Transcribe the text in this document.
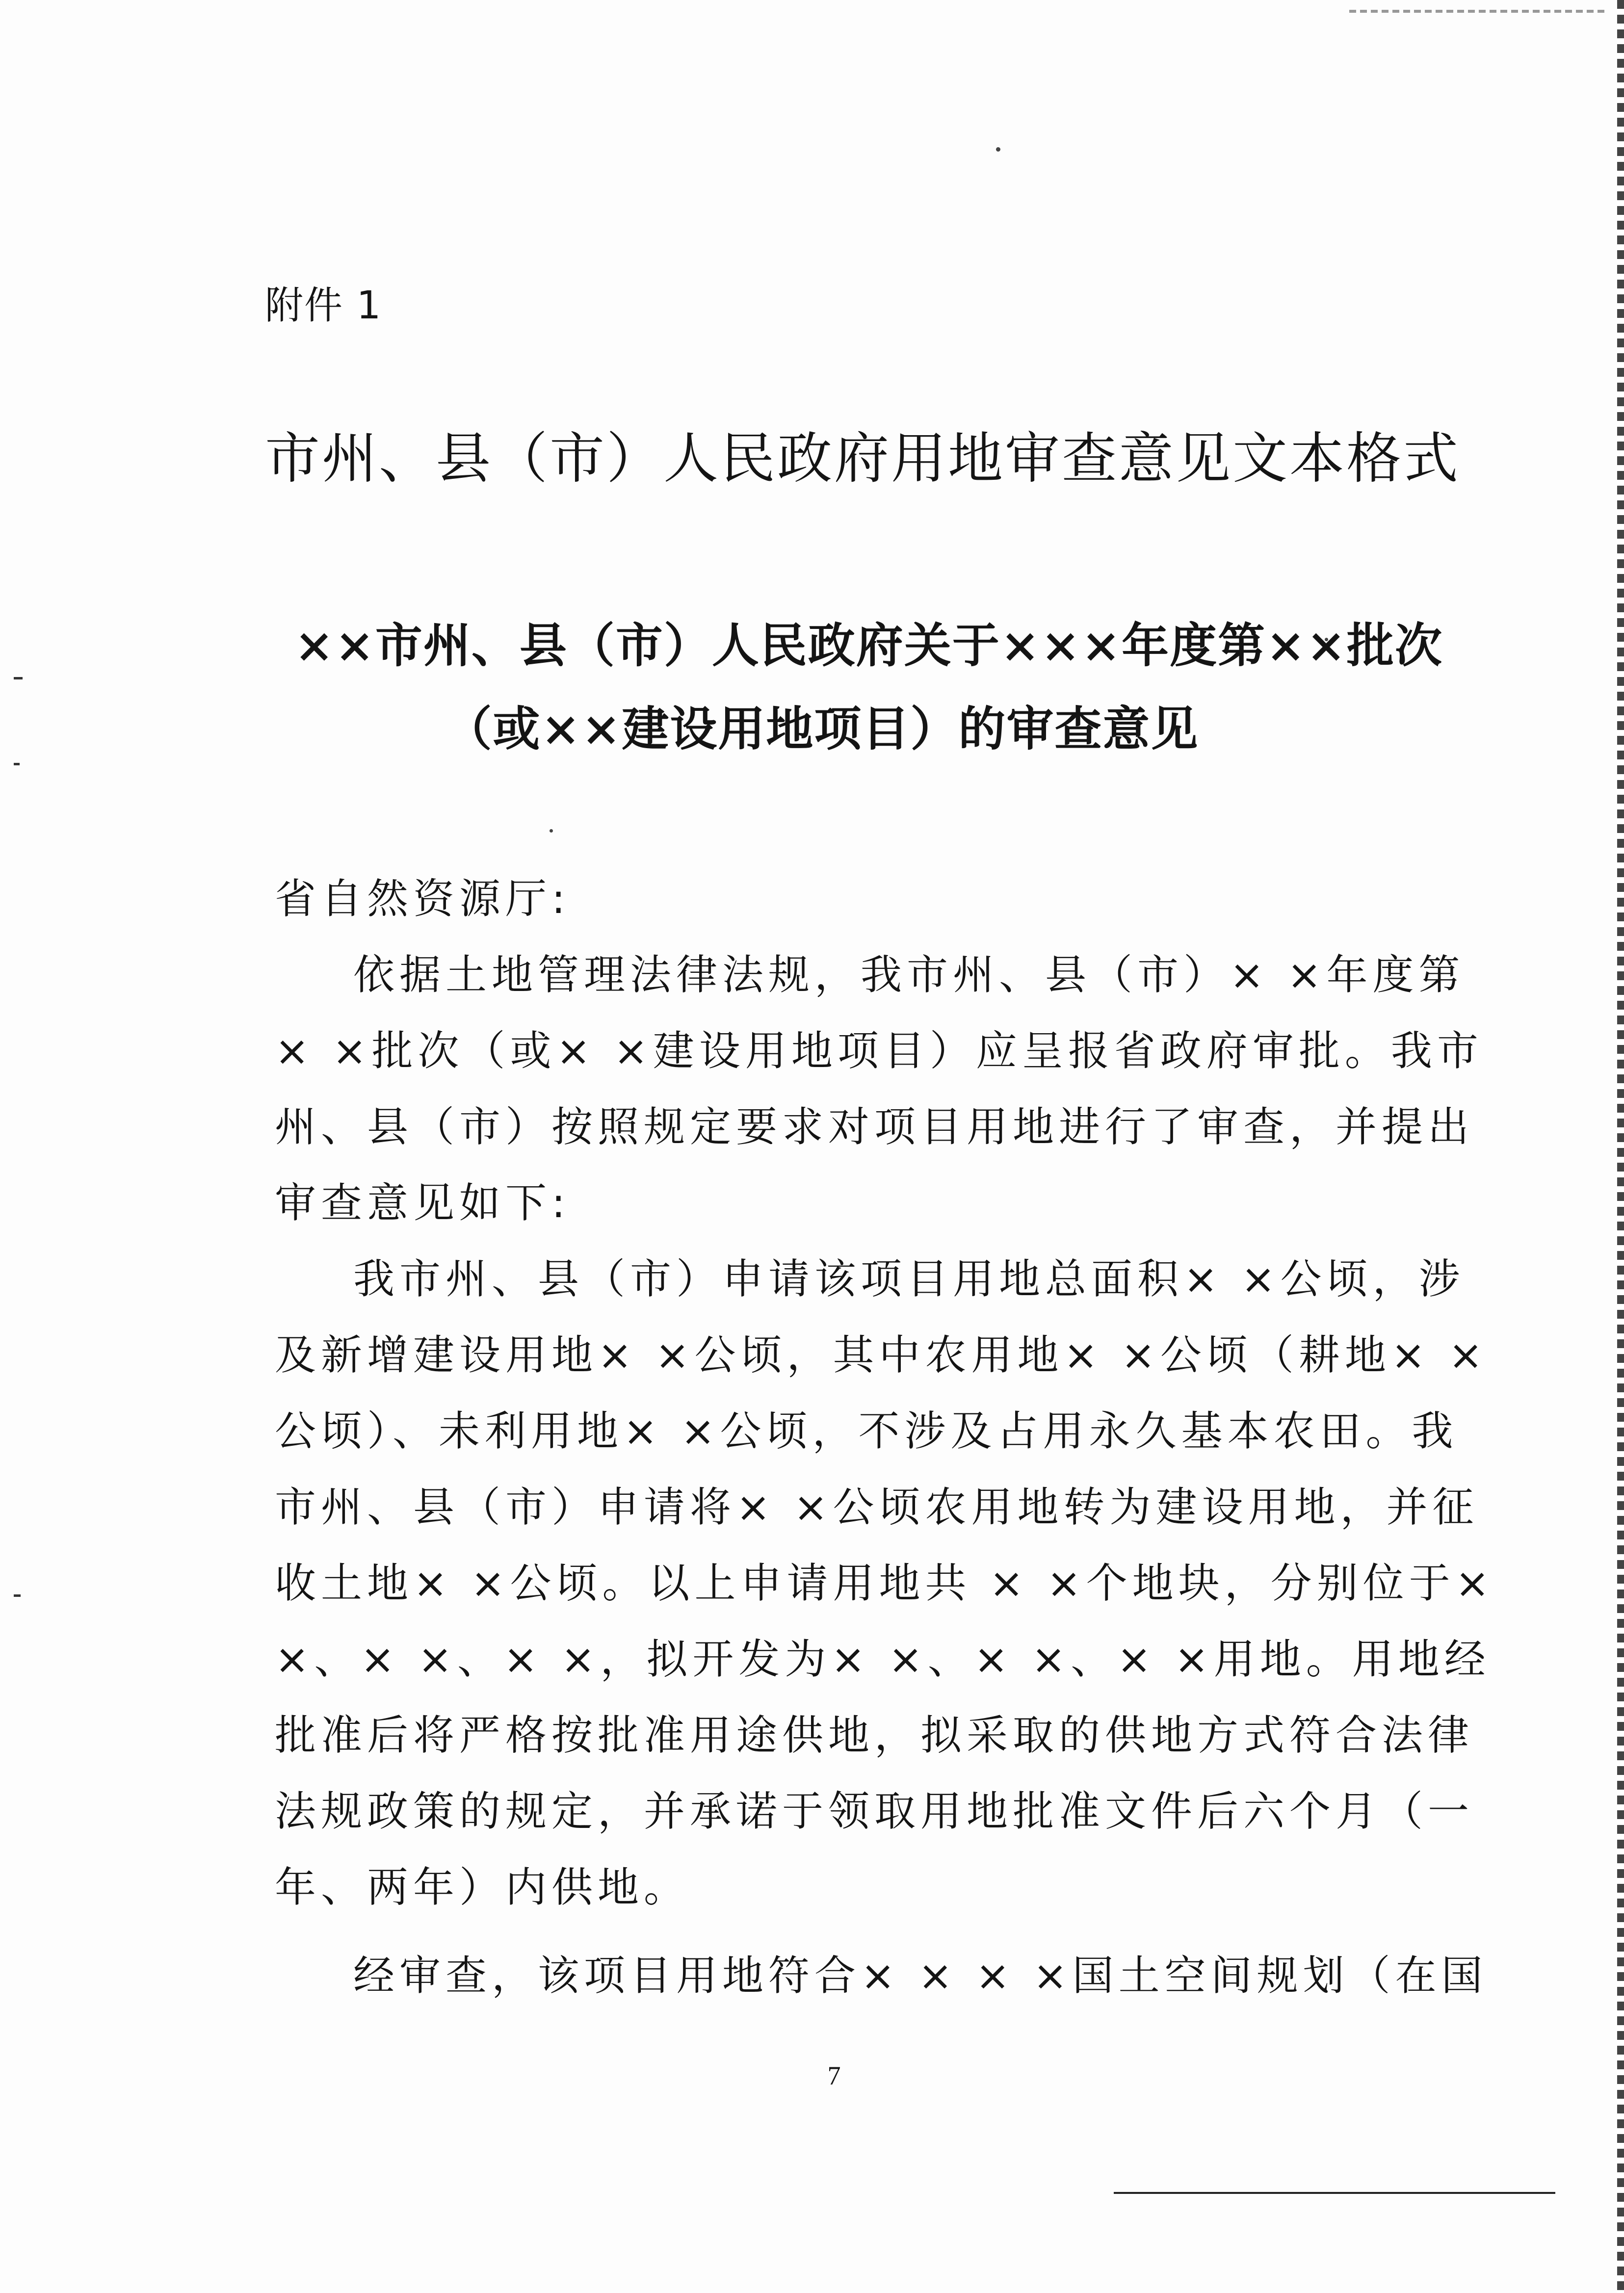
附件 1
市州、县（市）人民政府用地审查意见文本格式
××市州、县（市）人民政府关于×××年度第××批次
（或××建设用地项目）的审查意见
省自然资源厅:
依据土地管理法律法规，我市州、县（市）× ×年度第
× ×批次（或× ×建设用地项目）应呈报省政府审批。我市
州、县（市）按照规定要求对项目用地进行了审查，并提出
审查意见如下:
我市州、县（市）申请该项目用地总面积× ×公顷，涉
及新增建设用地× ×公顷，其中农用地× ×公顷（耕地× ×
公顷）、未利用地× ×公顷，不涉及占用永久基本农田。我
市州、县（市）申请将× ×公顷农用地转为建设用地，并征
收土地× ×公顷。以上申请用地共 × ×个地块，分别位于×
×、× ×、× ×，拟开发为× ×、× ×、× ×用地。用地经
批准后将严格按批准用途供地，拟采取的供地方式符合法律
法规政策的规定，并承诺于领取用地批准文件后六个月（一
年、两年）内供地。
经审查，该项目用地符合× × × ×国土空间规划（在国
7
